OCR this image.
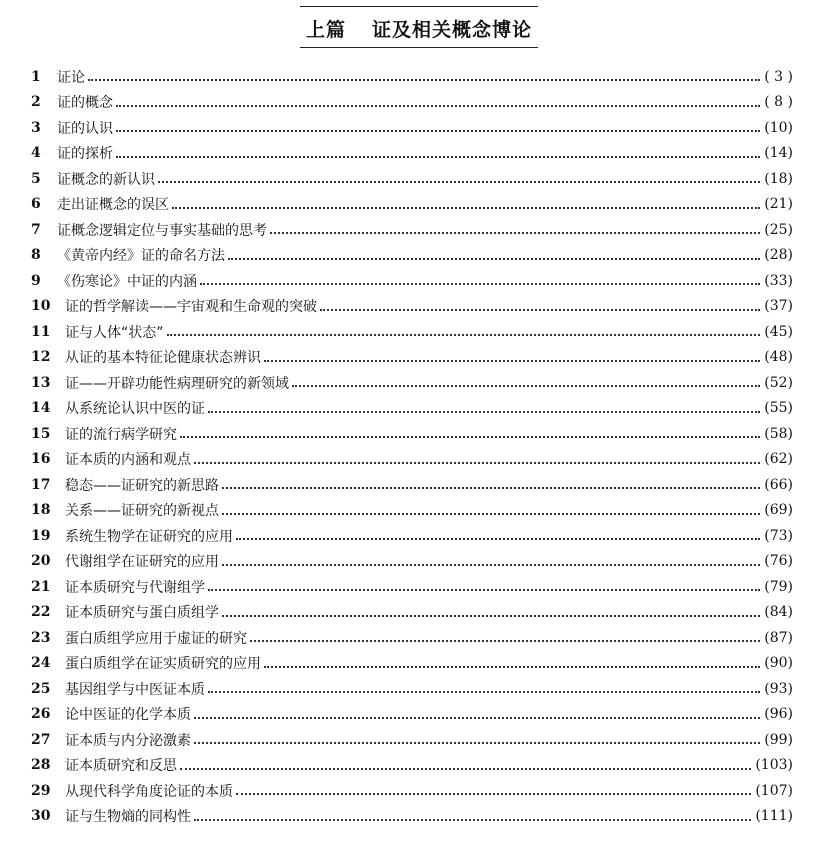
上篇 证及相关概念博论
1	证论	( 3 )
2	证的概念	( 8 )
3	证的认识	(10)
4	证的探析	(14)
5	证概念的新认识	(18)
6	走出证概念的误区	(21)
7	证概念逻辑定位与事实基础的思考	(25)
8	《黄帝内经》证的命名方法	(28)
9	《伤寒论》中证的内涵	(33)
10	证的哲学解读——宇宙观和生命观的突破	(37)
11	证与人体“状态”	(45)
12	从证的基本特征论健康状态辨识	(48)
13	证——开辟功能性病理研究的新领域	(52)
14	从系统论认识中医的证	(55)
15	证的流行病学研究	(58)
16	证本质的内涵和观点	(62)
17	稳态——证研究的新思路	(66)
18	关系——证研究的新视点	(69)
19	系统生物学在证研究的应用	(73)
20	代谢组学在证研究的应用	(76)
21	证本质研究与代谢组学	(79)
22	证本质研究与蛋白质组学	(84)
23	蛋白质组学应用于虚证的研究	(87)
24	蛋白质组学在证实质研究的应用	(90)
25	基因组学与中医证本质	(93)
26	论中医证的化学本质	(96)
27	证本质与内分泌激素	(99)
28	证本质研究和反思	(103)
29	从现代科学角度论证的本质	(107)
30	证与生物熵的同构性	(111)
